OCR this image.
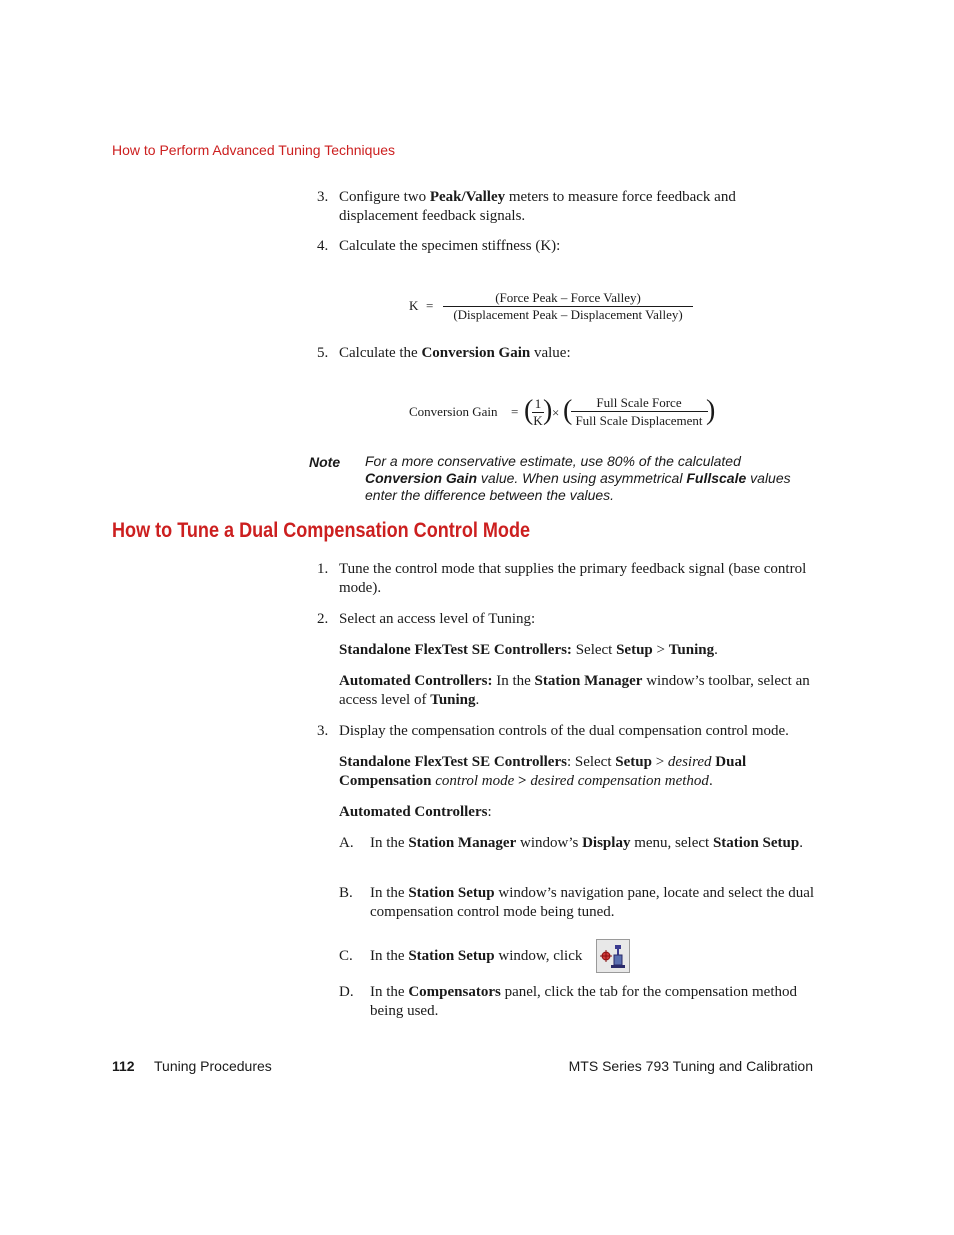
How to Perform Advanced Tuning Techniques
3. Configure two Peak/Valley meters to measure force feedback and displacement feedback signals.
4. Calculate the specimen stiffness (K):
K =
(Force Peak – Force Valley)
(Displacement Peak – Displacement Valley)
5. Calculate the Conversion Gain value:
Conversion Gain = ( 1
K ) × (	Full Scale Force
Full Scale Displacement )
Note For a more conservative estimate, use 80% of the calculated Conversion Gain value. When using asymmetrical Fullscale values enter the difference between the values.
How to Tune a Dual Compensation Control Mode
1. Tune the control mode that supplies the primary feedback signal (base control mode).
2. Select an access level of Tuning:
Standalone FlexTest SE Controllers: Select Setup > Tuning.
Automated Controllers: In the Station Manager window’s toolbar, select an access level of Tuning.
3. Display the compensation controls of the dual compensation control mode.
Standalone FlexTest SE Controllers: Select Setup > desired Dual Compensation control mode > desired compensation method.
Automated Controllers:
A. In the Station Manager window’s Display menu, select Station Setup.
B. In the Station Setup window’s navigation pane, locate and select the dual compensation control mode being tuned.
C. In the Station Setup window, click
D. In the Compensators panel, click the tab for the compensation method being used.
112 Tuning Procedures	MTS Series 793 Tuning and Calibration
